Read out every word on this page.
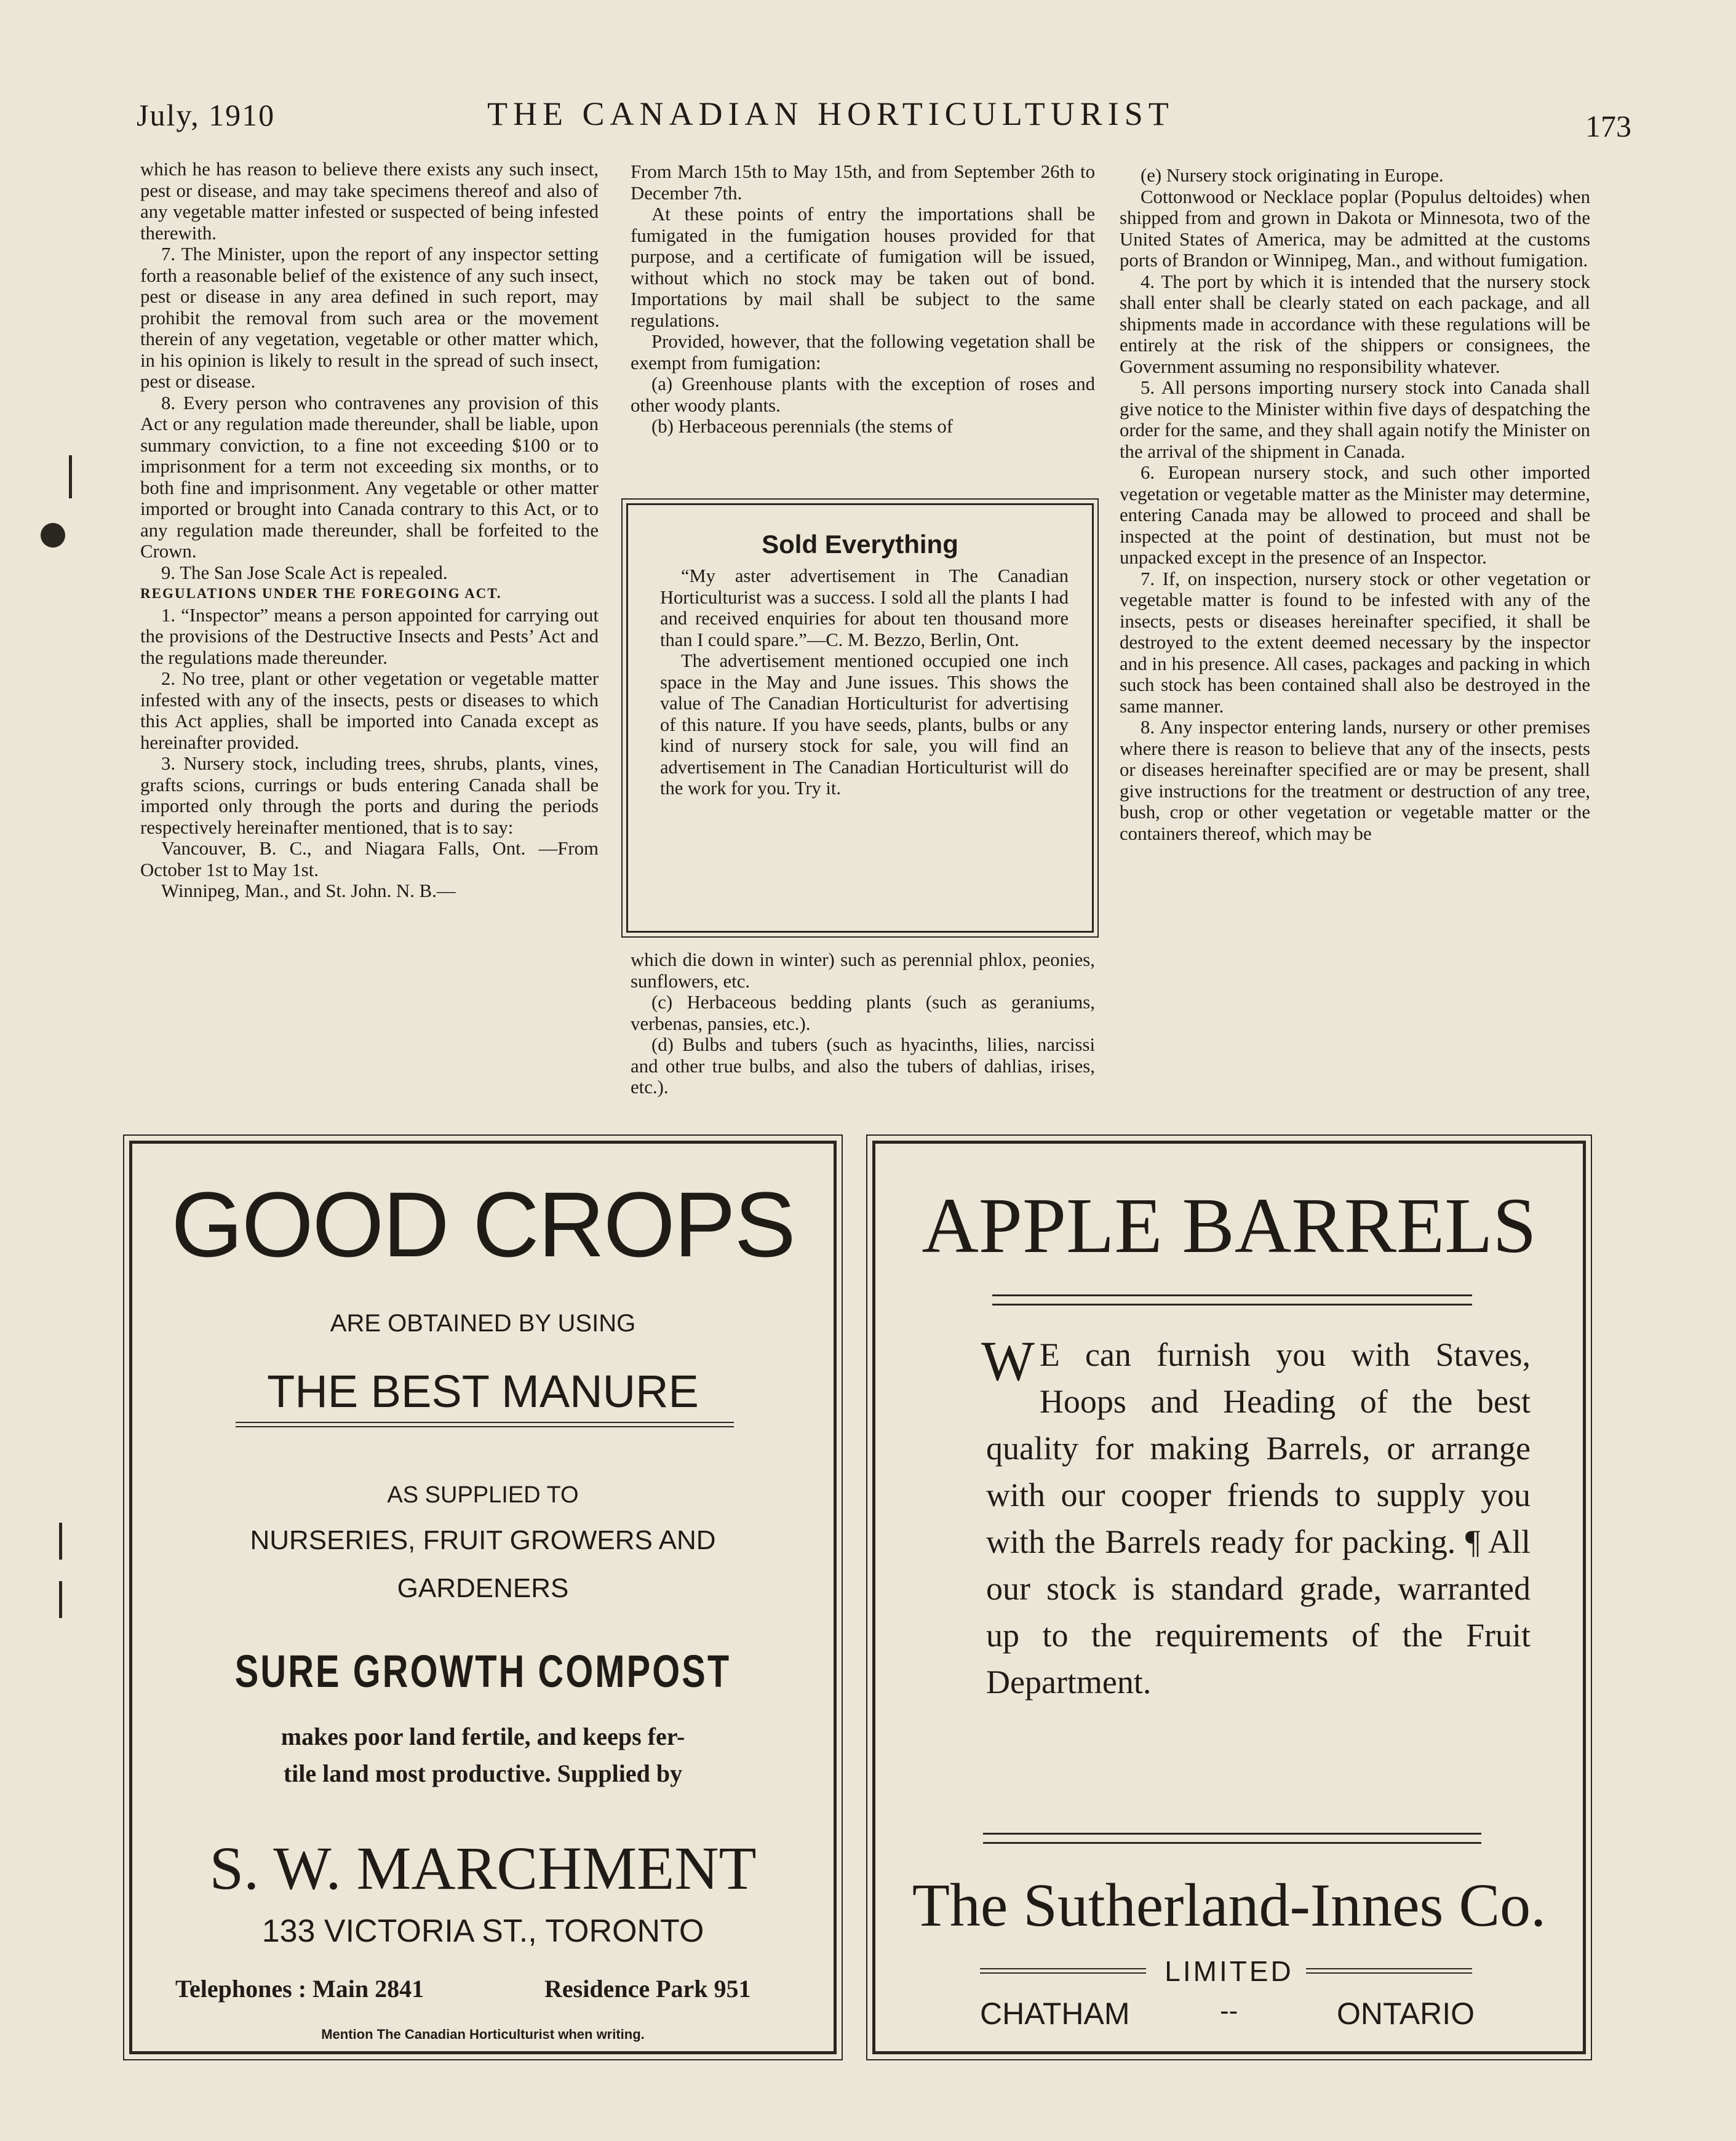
July, 1910	THE CANADIAN HORTICULTURIST	173

which he has reason to believe there exists any such insect, pest or disease, and may take specimens thereof and also of any vegetable matter infested or suspected of being infested therewith.

7. The Minister, upon the report of any inspector setting forth a reasonable belief of the existence of any such insect, pest or disease in any area defined in such report, may prohibit the removal from such area or the movement therein of any vegetation, vegetable or other matter which, in his opinion is likely to result in the spread of such insect, pest or disease.

8. Every person who contravenes any provision of this Act or any regulation made thereunder, shall be liable, upon summary conviction, to a fine not exceeding $100 or to imprisonment for a term not exceeding six months, or to both fine and imprisonment. Any vegetable or other matter imported or brought into Canada contrary to this Act, or to any regulation made thereunder, shall be forfeited to the Crown.

9. The San Jose Scale Act is repealed.

REGULATIONS UNDER THE FOREGOING ACT.

1. “Inspector” means a person appointed for carrying out the provisions of the Destructive Insects and Pests’ Act and the regulations made thereunder.

2. No tree, plant or other vegetation or vegetable matter infested with any of the insects, pests or diseases to which this Act applies, shall be imported into Canada except as hereinafter provided.

3. Nursery stock, including trees, shrubs, plants, vines, grafts scions, currings or buds entering Canada shall be imported only through the ports and during the periods respectively hereinafter mentioned, that is to say:

Vancouver, B. C., and Niagara Falls, Ont. —From October 1st to May 1st.

Winnipeg, Man., and St. John. N. B.—

From March 15th to May 15th, and from September 26th to December 7th.

At these points of entry the importations shall be fumigated in the fumigation houses provided for that purpose, and a certificate of fumigation will be issued, without which no stock may be taken out of bond. Importations by mail shall be subject to the same regulations.

Provided, however, that the following vegetation shall be exempt from fumigation:

(a) Greenhouse plants with the exception of roses and other woody plants.

(b) Herbaceous perennials (the stems of

Sold Everything

“My aster advertisement in The Canadian Horticulturist was a success. I sold all the plants I had and received enquiries for about ten thousand more than I could spare.”—C. M. Bezzo, Berlin, Ont.

The advertisement mentioned occupied one inch space in the May and June issues. This shows the value of The Canadian Horticulturist for advertising of this nature. If you have seeds, plants, bulbs or any kind of nursery stock for sale, you will find an advertisement in The Canadian Horticulturist will do the work for you. Try it.

which die down in winter) such as perennial phlox, peonies, sunflowers, etc.

(c) Herbaceous bedding plants (such as geraniums, verbenas, pansies, etc.).

(d) Bulbs and tubers (such as hyacinths, lilies, narcissi and other true bulbs, and also the tubers of dahlias, irises, etc.).

(e) Nursery stock originating in Europe.

Cottonwood or Necklace poplar (Populus deltoides) when shipped from and grown in Dakota or Minnesota, two of the United States of America, may be admitted at the customs ports of Brandon or Winnipeg, Man., and without fumigation.

4. The port by which it is intended that the nursery stock shall enter shall be clearly stated on each package, and all shipments made in accordance with these regulations will be entirely at the risk of the shippers or consignees, the Government assuming no responsibility whatever.

5. All persons importing nursery stock into Canada shall give notice to the Minister within five days of despatching the order for the same, and they shall again notify the Minister on the arrival of the shipment in Canada.

6. European nursery stock, and such other imported vegetation or vegetable matter as the Minister may determine, entering Canada may be allowed to proceed and shall be inspected at the point of destination, but must not be unpacked except in the presence of an Inspector.

7. If, on inspection, nursery stock or other vegetation or vegetable matter is found to be infested with any of the insects, pests or diseases hereinafter specified, it shall be destroyed to the extent deemed necessary by the inspector and in his presence. All cases, packages and packing in which such stock has been contained shall also be destroyed in the same manner.

8. Any inspector entering lands, nursery or other premises where there is reason to believe that any of the insects, pests or diseases hereinafter specified are or may be present, shall give instructions for the treatment or destruction of any tree, bush, crop or other vegetation or vegetable matter or the containers thereof, which may be

GOOD CROPS
ARE OBTAINED BY USING
THE BEST MANURE
AS SUPPLIED TO
NURSERIES, FRUIT GROWERS AND
GARDENERS
SURE GROWTH COMPOST
makes poor land fertile, and keeps fer-
tile land most productive. Supplied by
S. W. MARCHMENT
133 VICTORIA ST., TORONTO
Telephones : Main 2841	Residence Park 951
Mention The Canadian Horticulturist when writing.
APPLE BARRELS
W E can furnish you with Staves, Hoops and Heading of the best quality for making Barrels, or arrange with our cooper friends to supply you with the Barrels ready for packing. ¶ All our stock is standard grade, warranted up to the requirements of the Fruit Department.
The Sutherland-Innes Co.
LIMITED
CHATHAM	--	ONTARIO
